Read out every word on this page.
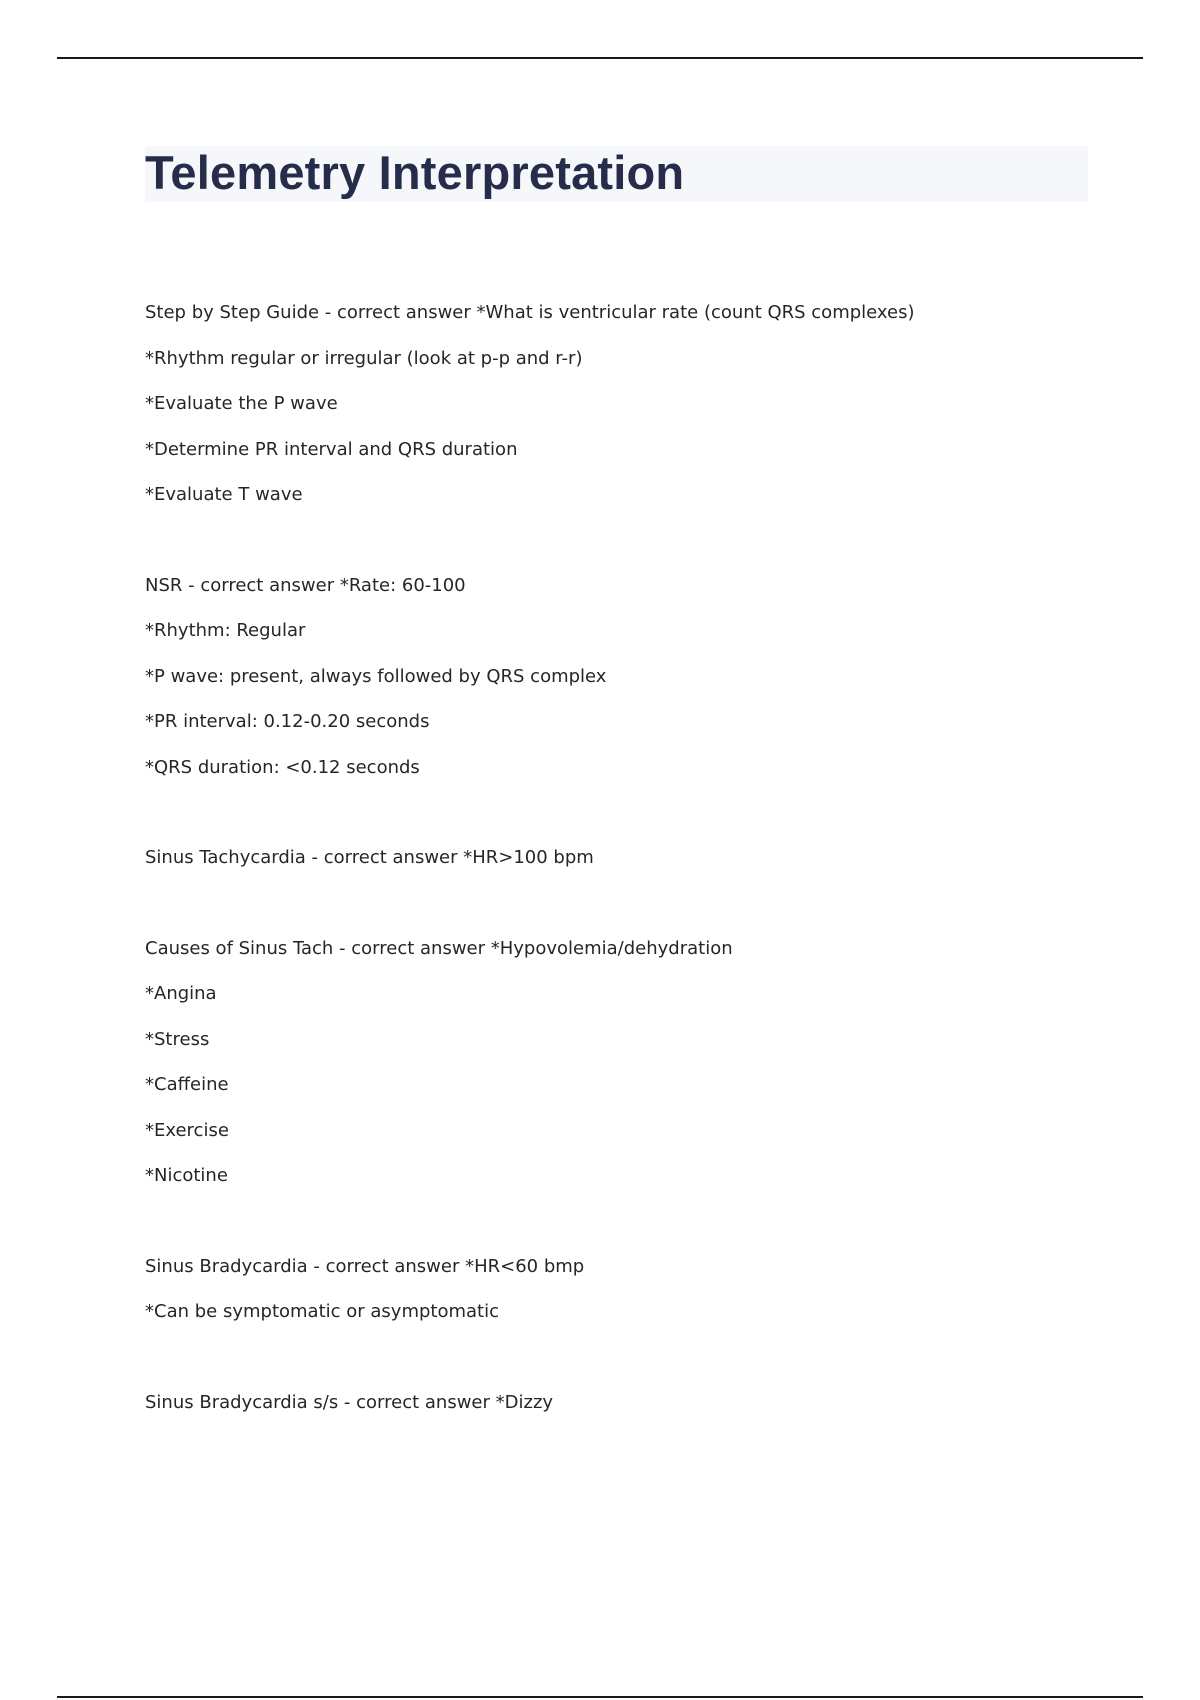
Telemetry Interpretation
Step by Step Guide - correct answer *What is ventricular rate (count QRS complexes)
*Rhythm regular or irregular (look at p-p and r-r)
*Evaluate the P wave
*Determine PR interval and QRS duration
*Evaluate T wave
NSR - correct answer *Rate: 60-100
*Rhythm: Regular
*P wave: present, always followed by QRS complex
*PR interval: 0.12-0.20 seconds
*QRS duration: <0.12 seconds
Sinus Tachycardia - correct answer *HR>100 bpm
Causes of Sinus Tach - correct answer *Hypovolemia/dehydration
*Angina
*Stress
*Caffeine
*Exercise
*Nicotine
Sinus Bradycardia - correct answer *HR<60 bmp
*Can be symptomatic or asymptomatic
Sinus Bradycardia s/s - correct answer *Dizzy
